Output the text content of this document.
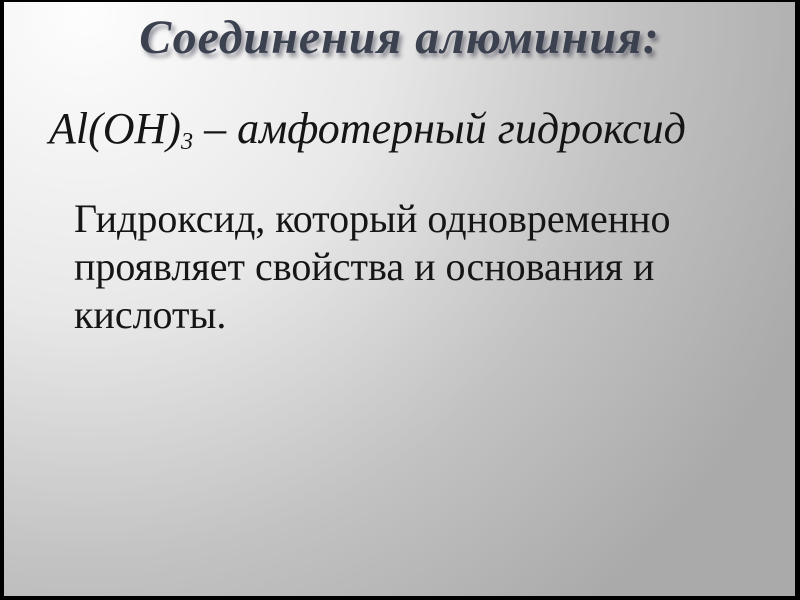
Соединения алюминия:
$Al(OH)_3$ – амфотерный гидроксид
Гидроксид, который одновременно
проявляет свойства и основания и
кислоты.
